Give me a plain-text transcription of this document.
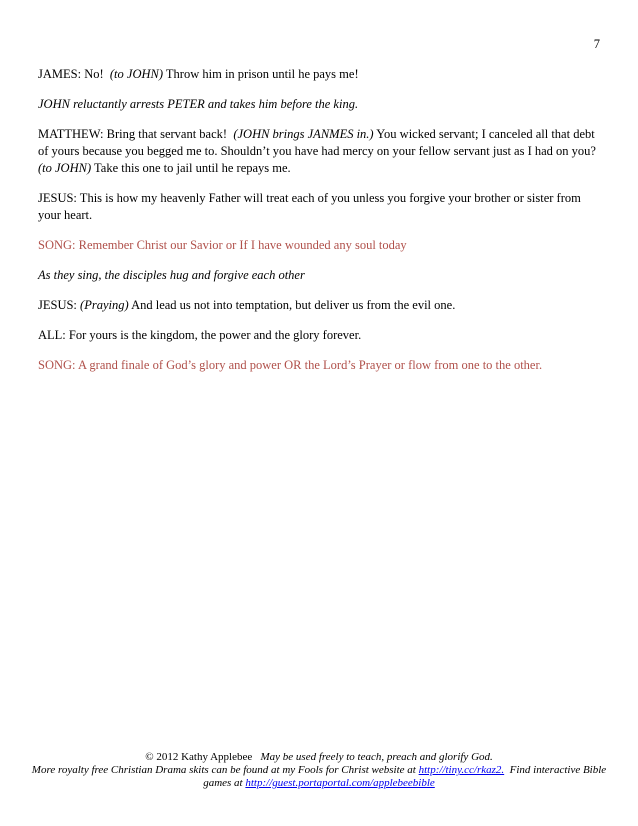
7

JAMES: No! (to JOHN) Throw him in prison until he pays me!

JOHN reluctantly arrests PETER and takes him before the king.

MATTHEW: Bring that servant back! (JOHN brings JANMES in.) You wicked servant; I canceled all that debt of yours because you begged me to. Shouldn’t you have had mercy on your fellow servant just as I had on you? (to JOHN) Take this one to jail until he repays me.

JESUS: This is how my heavenly Father will treat each of you unless you forgive your brother or sister from your heart.

SONG: Remember Christ our Savior or If I have wounded any soul today

As they sing, the disciples hug and forgive each other

JESUS: (Praying) And lead us not into temptation, but deliver us from the evil one.

ALL: For yours is the kingdom, the power and the glory forever.

SONG: A grand finale of God’s glory and power OR the Lord’s Prayer or flow from one to the other.

© 2012 Kathy Applebee May be used freely to teach, preach and glorify God.
More royalty free Christian Drama skits can be found at my Fools for Christ website at http://tiny.cc/rkaz2. Find interactive Bible games at http://guest.portaportal.com/applebeebible
